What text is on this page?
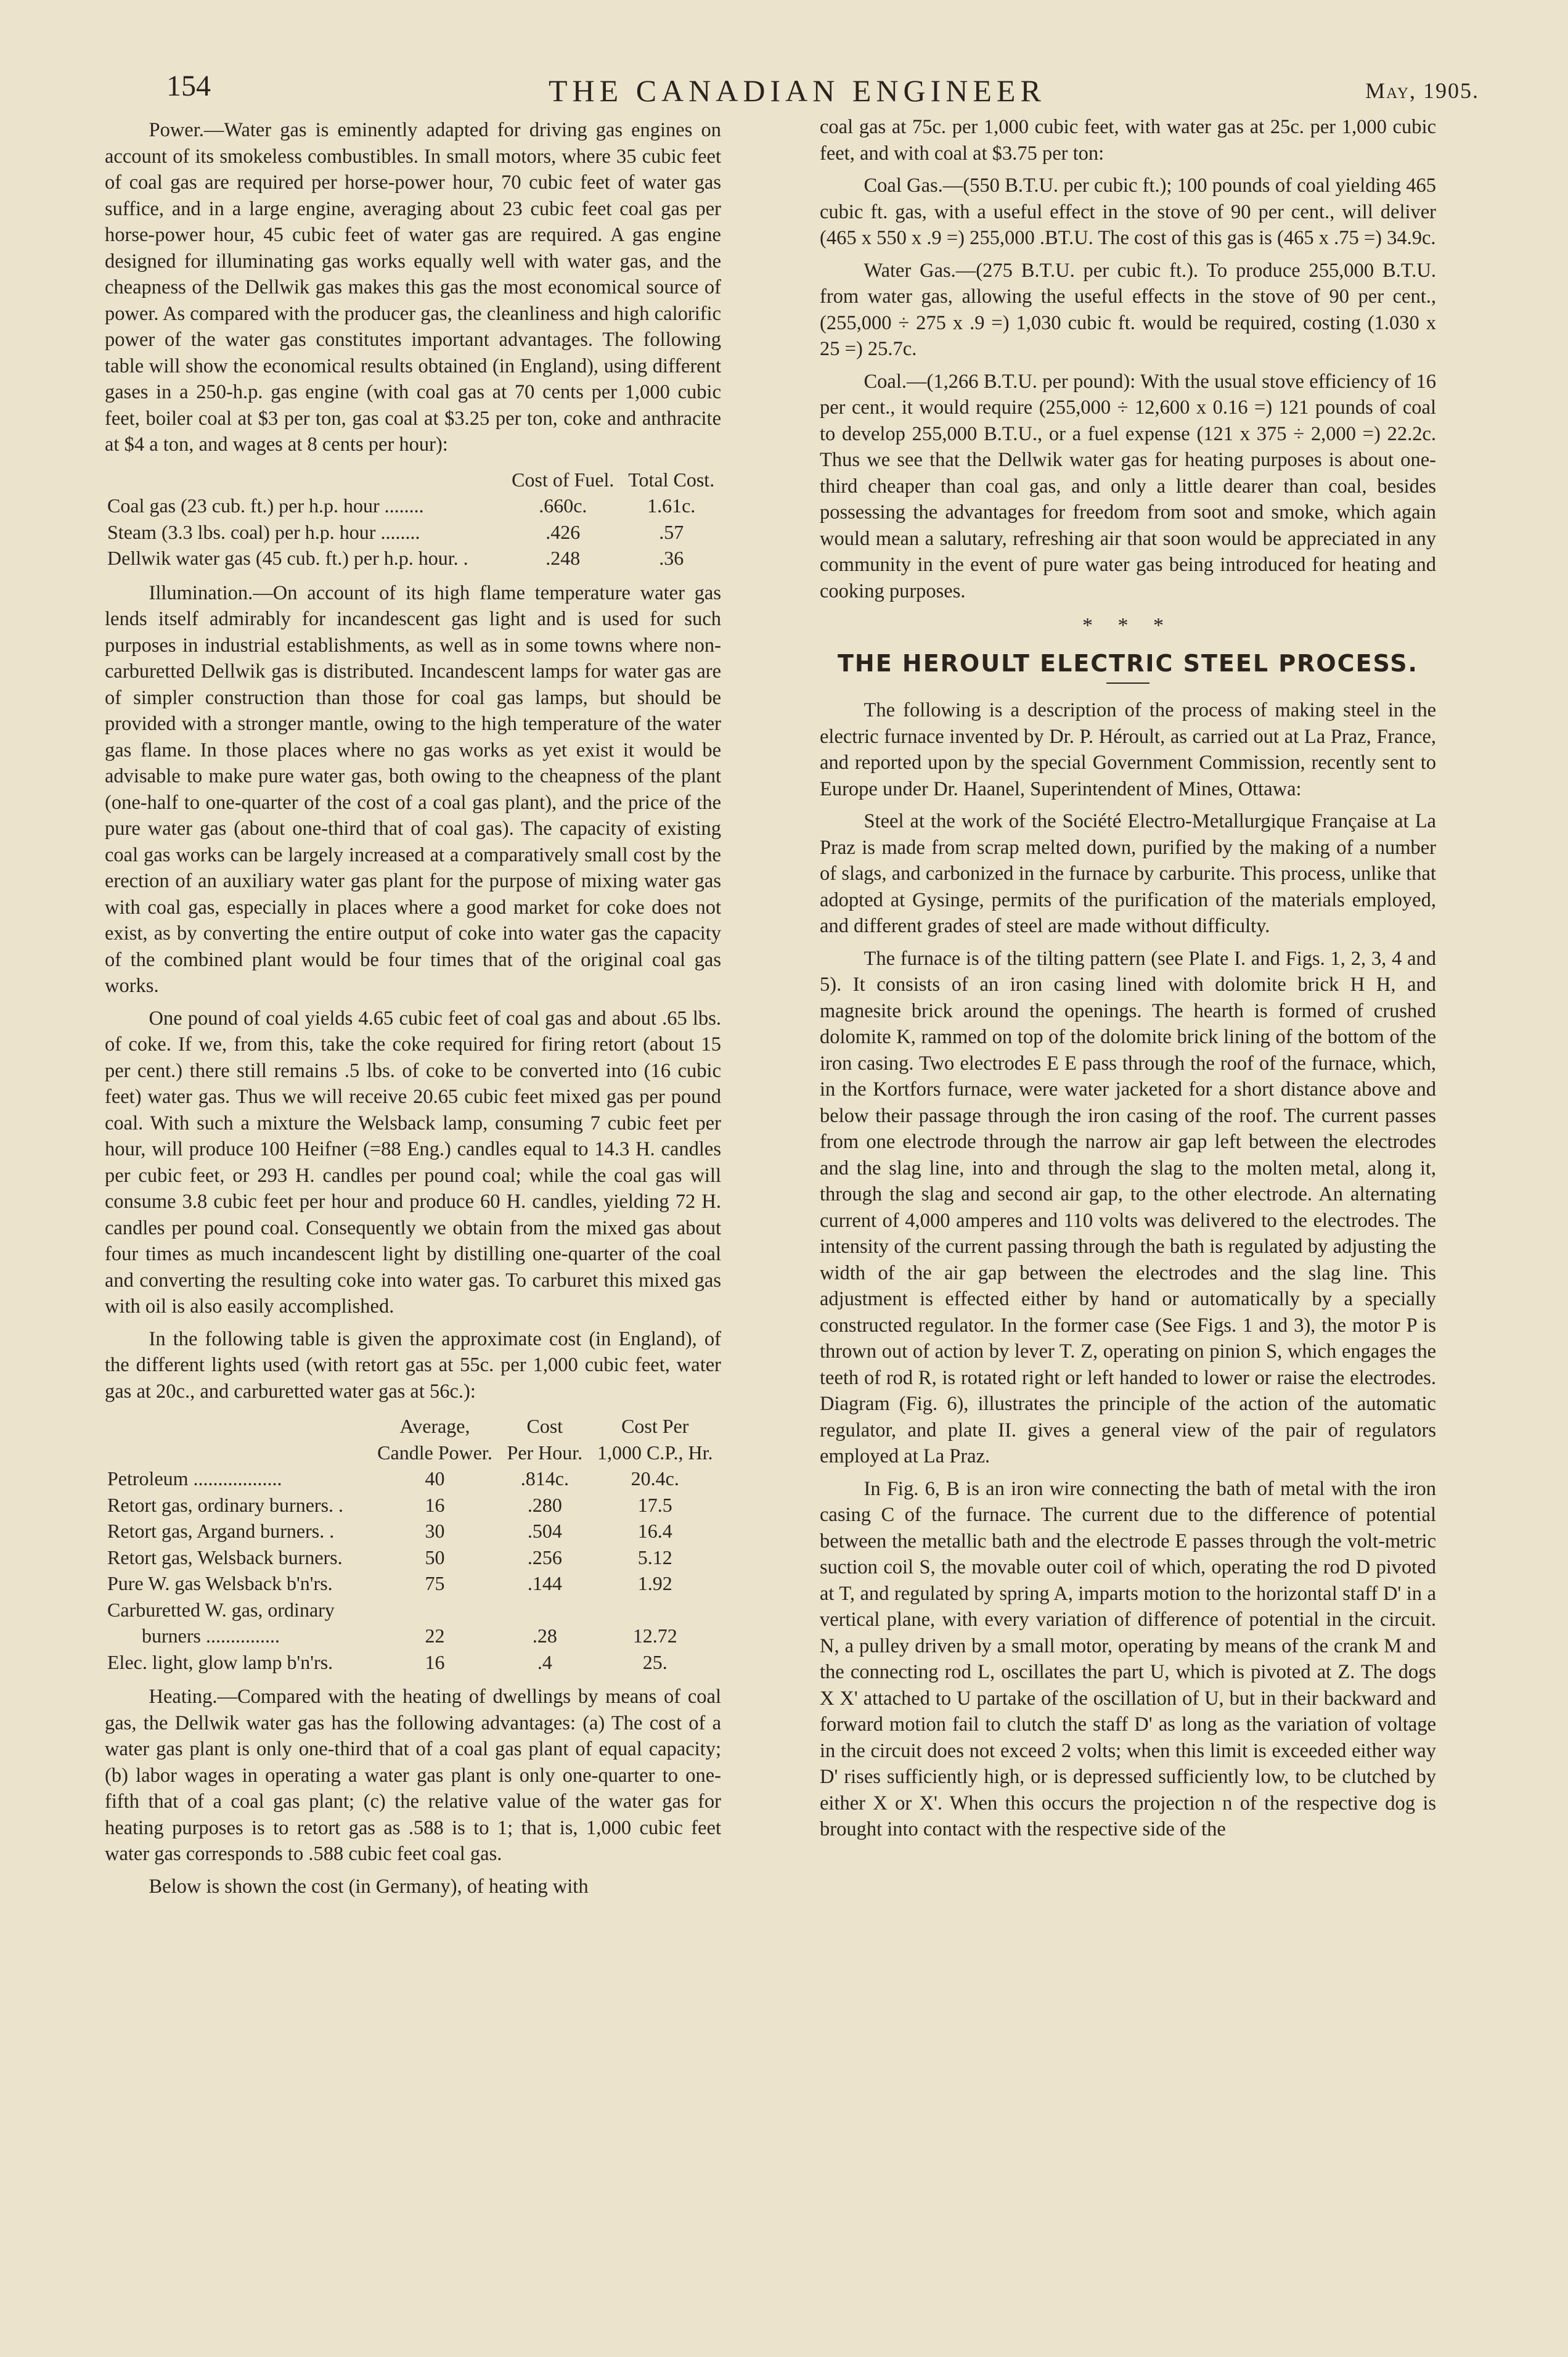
154	THE CANADIAN ENGINEER	May, 1905.

Power.—Water gas is eminently adapted for driving gas engines on account of its smokeless combustibles. In small motors, where 35 cubic feet of coal gas are required per horse-power hour, 70 cubic feet of water gas suffice, and in a large engine, averaging about 23 cubic feet coal gas per horse-power hour, 45 cubic feet of water gas are required. A gas engine designed for illuminating gas works equally well with water gas, and the cheapness of the Dellwik gas makes this gas the most economical source of power. As compared with the producer gas, the cleanliness and high calorific power of the water gas constitutes important advantages. The following table will show the economical results obtained (in England), using different gases in a 250-h.p. gas engine (with coal gas at 70 cents per 1,000 cubic feet, boiler coal at $3 per ton, gas coal at $3.25 per ton, coke and anthracite at $4 a ton, and wages at 8 cents per hour):

	Cost of Fuel.	Total Cost.
Coal gas (23 cub. ft.) per h.p. hour ........	.660c.	1.61c.
Steam (3.3 lbs. coal) per h.p. hour ........	.426	.57
Dellwik water gas (45 cub. ft.) per h.p. hour. .	.248	.36

Illumination.—On account of its high flame temperature water gas lends itself admirably for incandescent gas light and is used for such purposes in industrial establishments, as well as in some towns where non-carburetted Dellwik gas is distributed. Incandescent lamps for water gas are of simpler construction than those for coal gas lamps, but should be provided with a stronger mantle, owing to the high temperature of the water gas flame. In those places where no gas works as yet exist it would be advisable to make pure water gas, both owing to the cheapness of the plant (one-half to one-quarter of the cost of a coal gas plant), and the price of the pure water gas (about one-third that of coal gas). The capacity of existing coal gas works can be largely increased at a comparatively small cost by the erection of an auxiliary water gas plant for the purpose of mixing water gas with coal gas, especially in places where a good market for coke does not exist, as by converting the entire output of coke into water gas the capacity of the combined plant would be four times that of the original coal gas works.

One pound of coal yields 4.65 cubic feet of coal gas and about .65 lbs. of coke. If we, from this, take the coke required for firing retort (about 15 per cent.) there still remains .5 lbs. of coke to be converted into (16 cubic feet) water gas. Thus we will receive 20.65 cubic feet mixed gas per pound coal. With such a mixture the Welsback lamp, consuming 7 cubic feet per hour, will produce 100 Heifner (=88 Eng.) candles equal to 14.3 H. candles per cubic feet, or 293 H. candles per pound coal; while the coal gas will consume 3.8 cubic feet per hour and produce 60 H. candles, yielding 72 H. candles per pound coal. Consequently we obtain from the mixed gas about four times as much incandescent light by distilling one-quarter of the coal and converting the resulting coke into water gas. To carburet this mixed gas with oil is also easily accomplished.

In the following table is given the approximate cost (in England), of the different lights used (with retort gas at 55c. per 1,000 cubic feet, water gas at 20c., and carburetted water gas at 56c.):

	Average,	Cost	Cost Per
	Candle Power.	Per Hour.	1,000 C.P., Hr.
Petroleum ..................	40	.814c.	20.4c.
Retort gas, ordinary burners. .	16	.280	17.5
Retort gas, Argand burners. .	30	.504	16.4
Retort gas, Welsback burners.	50	.256	5.12
Pure W. gas Welsback b'n'rs.	75	.144	1.92
Carburetted W. gas, ordinary			
burners ...............	22	.28	12.72
Elec. light, glow lamp b'n'rs.	16	.4	25.

Heating.—Compared with the heating of dwellings by means of coal gas, the Dellwik water gas has the following advantages: (a) The cost of a water gas plant is only one-third that of a coal gas plant of equal capacity; (b) labor wages in operating a water gas plant is only one-quarter to one-fifth that of a coal gas plant; (c) the relative value of the water gas for heating purposes is to retort gas as .588 is to 1; that is, 1,000 cubic feet water gas corresponds to .588 cubic feet coal gas.

Below is shown the cost (in Germany), of heating with

coal gas at 75c. per 1,000 cubic feet, with water gas at 25c. per 1,000 cubic feet, and with coal at $3.75 per ton:

Coal Gas.—(550 B.T.U. per cubic ft.); 100 pounds of coal yielding 465 cubic ft. gas, with a useful effect in the stove of 90 per cent., will deliver (465 x 550 x .9 =) 255,000 .BT.U. The cost of this gas is (465 x .75 =) 34.9c.

Water Gas.—(275 B.T.U. per cubic ft.). To produce 255,000 B.T.U. from water gas, allowing the useful effects in the stove of 90 per cent., (255,000 ÷ 275 x .9 =) 1,030 cubic ft. would be required, costing (1.030 x 25 =) 25.7c.

Coal.—(1,266 B.T.U. per pound): With the usual stove efficiency of 16 per cent., it would require (255,000 ÷ 12,600 x 0.16 =) 121 pounds of coal to develop 255,000 B.T.U., or a fuel expense (121 x 375 ÷ 2,000 =) 22.2c. Thus we see that the Dellwik water gas for heating purposes is about one-third cheaper than coal gas, and only a little dearer than coal, besides possessing the advantages for freedom from soot and smoke, which again would mean a salutary, refreshing air that soon would be appreciated in any community in the event of pure water gas being introduced for heating and cooking purposes.

* * *
THE HEROULT ELECTRIC STEEL PROCESS.

The following is a description of the process of making steel in the electric furnace invented by Dr. P. Héroult, as carried out at La Praz, France, and reported upon by the special Government Commission, recently sent to Europe under Dr. Haanel, Superintendent of Mines, Ottawa:

Steel at the work of the Société Electro-Metallurgique Française at La Praz is made from scrap melted down, purified by the making of a number of slags, and carbonized in the furnace by carburite. This process, unlike that adopted at Gysinge, permits of the purification of the materials employed, and different grades of steel are made without difficulty.

The furnace is of the tilting pattern (see Plate I. and Figs. 1, 2, 3, 4 and 5). It consists of an iron casing lined with dolomite brick H H, and magnesite brick around the openings. The hearth is formed of crushed dolomite K, rammed on top of the dolomite brick lining of the bottom of the iron casing. Two electrodes E E pass through the roof of the furnace, which, in the Kortfors furnace, were water jacketed for a short distance above and below their passage through the iron casing of the roof. The current passes from one electrode through the narrow air gap left between the electrodes and the slag line, into and through the slag to the molten metal, along it, through the slag and second air gap, to the other electrode. An alternating current of 4,000 amperes and 110 volts was delivered to the electrodes. The intensity of the current passing through the bath is regulated by adjusting the width of the air gap between the electrodes and the slag line. This adjustment is effected either by hand or automatically by a specially constructed regulator. In the former case (See Figs. 1 and 3), the motor P is thrown out of action by lever T. Z, operating on pinion S, which engages the teeth of rod R, is rotated right or left handed to lower or raise the electrodes. Diagram (Fig. 6), illustrates the principle of the action of the automatic regulator, and plate II. gives a general view of the pair of regulators employed at La Praz.

In Fig. 6, B is an iron wire connecting the bath of metal with the iron casing C of the furnace. The current due to the difference of potential between the metallic bath and the electrode E passes through the volt-metric suction coil S, the movable outer coil of which, operating the rod D pivoted at T, and regulated by spring A, imparts motion to the horizontal staff D' in a vertical plane, with every variation of difference of potential in the circuit. N, a pulley driven by a small motor, operating by means of the crank M and the connecting rod L, oscillates the part U, which is pivoted at Z. The dogs X X' attached to U partake of the oscillation of U, but in their backward and forward motion fail to clutch the staff D' as long as the variation of voltage in the circuit does not exceed 2 volts; when this limit is exceeded either way D' rises sufficiently high, or is depressed sufficiently low, to be clutched by either X or X'. When this occurs the projection n of the respective dog is brought into contact with the respective side of the
